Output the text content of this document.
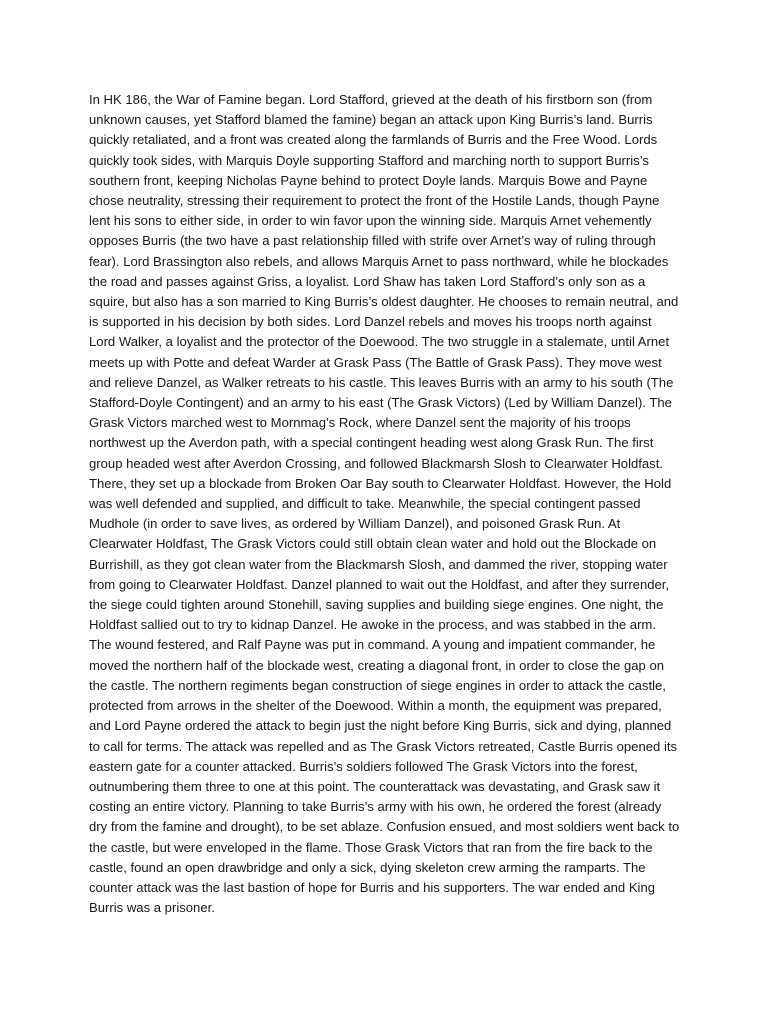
In HK 186, the War of Famine began. Lord Stafford, grieved at the death of his firstborn son (from unknown causes, yet Stafford blamed the famine) began an attack upon King Burris’s land. Burris quickly retaliated, and a front was created along the farmlands of Burris and the Free Wood. Lords quickly took sides, with Marquis Doyle supporting Stafford and marching north to support Burris’s southern front, keeping Nicholas Payne behind to protect Doyle lands. Marquis Bowe and Payne chose neutrality, stressing their requirement to protect the front of the Hostile Lands, though Payne lent his sons to either side, in order to win favor upon the winning side. Marquis Arnet vehemently opposes Burris (the two have a past relationship filled with strife over Arnet’s way of ruling through fear). Lord Brassington also rebels, and allows Marquis Arnet to pass northward, while he blockades the road and passes against Griss, a loyalist. Lord Shaw has taken Lord Stafford’s only son as a squire, but also has a son married to King Burris’s oldest daughter. He chooses to remain neutral, and is supported in his decision by both sides. Lord Danzel rebels and moves his troops north against Lord Walker, a loyalist and the protector of the Doewood. The two struggle in a stalemate, until Arnet meets up with Potte and defeat Warder at Grask Pass (The Battle of Grask Pass). They move west and relieve Danzel, as Walker retreats to his castle. This leaves Burris with an army to his south (The Stafford-Doyle Contingent) and an army to his east (The Grask Victors) (Led by William Danzel). The Grask Victors marched west to Mornmag’s Rock, where Danzel sent the majority of his troops northwest up the Averdon path, with a special contingent heading west along Grask Run. The first group headed west after Averdon Crossing, and followed Blackmarsh Slosh to Clearwater Holdfast. There, they set up a blockade from Broken Oar Bay south to Clearwater Holdfast. However, the Hold was well defended and supplied, and difficult to take. Meanwhile, the special contingent passed Mudhole (in order to save lives, as ordered by William Danzel), and poisoned Grask Run. At Clearwater Holdfast, The Grask Victors could still obtain clean water and hold out the Blockade on Burrishill, as they got clean water from the Blackmarsh Slosh, and dammed the river, stopping water from going to Clearwater Holdfast. Danzel planned to wait out the Holdfast, and after they surrender, the siege could tighten around Stonehill, saving supplies and building siege engines. One night, the Holdfast sallied out to try to kidnap Danzel. He awoke in the process, and was stabbed in the arm. The wound festered, and Ralf Payne was put in command. A young and impatient commander, he moved the northern half of the blockade west, creating a diagonal front, in order to close the gap on the castle. The northern regiments began construction of siege engines in order to attack the castle, protected from arrows in the shelter of the Doewood. Within a month, the equipment was prepared, and Lord Payne ordered the attack to begin just the night before King Burris, sick and dying, planned to call for terms. The attack was repelled and as The Grask Victors retreated, Castle Burris opened its eastern gate for a counter attacked. Burris’s soldiers followed The Grask Victors into the forest, outnumbering them three to one at this point. The counterattack was devastating, and Grask saw it costing an entire victory. Planning to take Burris’s army with his own, he ordered the forest (already dry from the famine and drought), to be set ablaze. Confusion ensued, and most soldiers went back to the castle, but were enveloped in the flame. Those Grask Victors that ran from the fire back to the castle, found an open drawbridge and only a sick, dying skeleton crew arming the ramparts. The counter attack was the last bastion of hope for Burris and his supporters. The war ended and King Burris was a prisoner.
